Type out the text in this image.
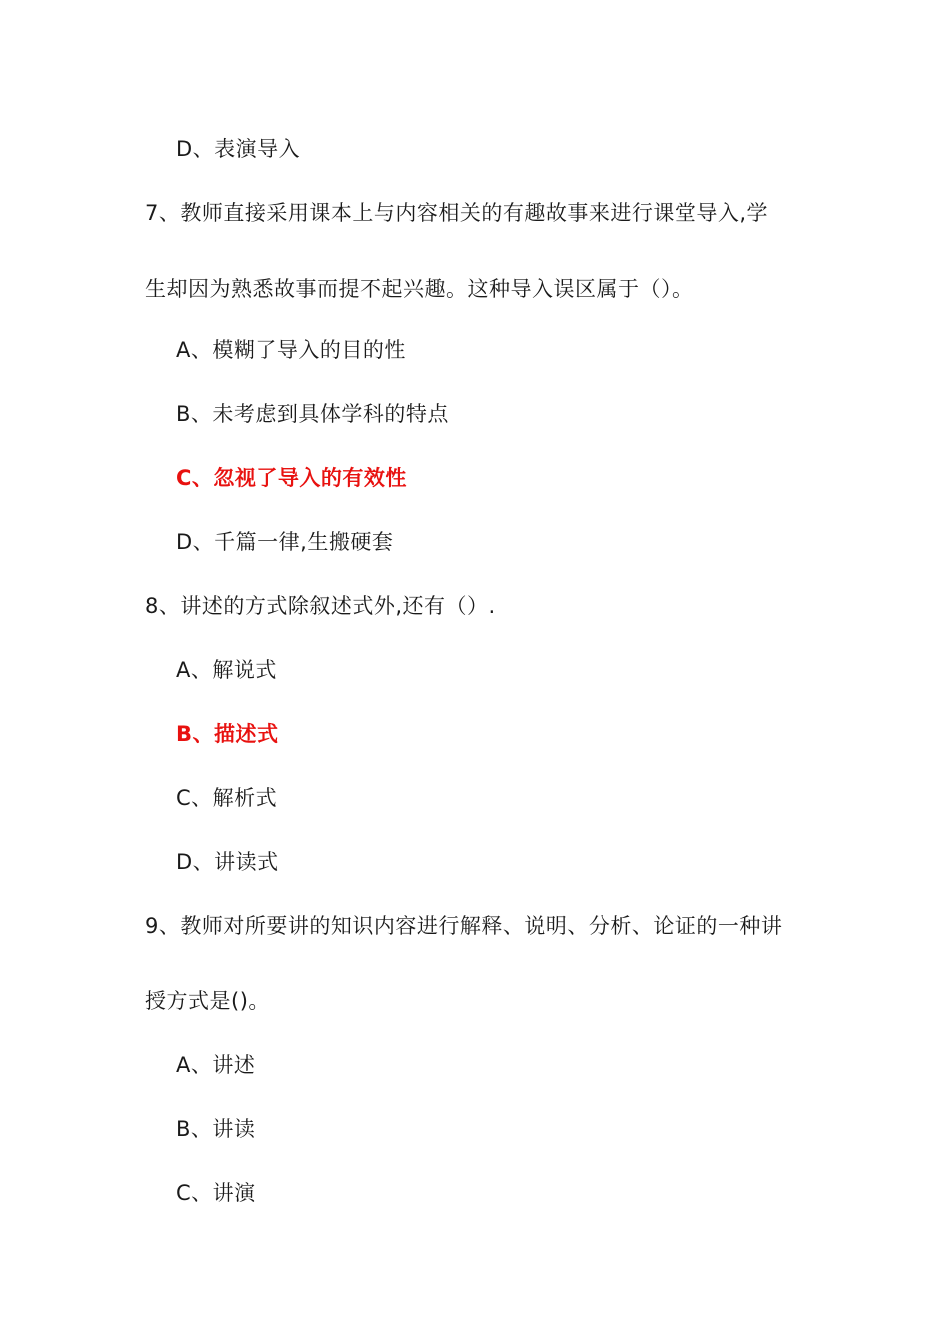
D、表演导入
7、教师直接采用课本上与内容相关的有趣故事来进行课堂导入,学
生却因为熟悉故事而提不起兴趣。这种导入误区属于（）。
A、模糊了导入的目的性
B、未考虑到具体学科的特点
C、忽视了导入的有效性
D、千篇一律,生搬硬套
8、讲述的方式除叙述式外,还有（）.
A、解说式
B、描述式
C、解析式
D、讲读式
9、教师对所要讲的知识内容进行解释、说明、分析、论证的一种讲
授方式是()。
A、讲述
B、讲读
C、讲演
